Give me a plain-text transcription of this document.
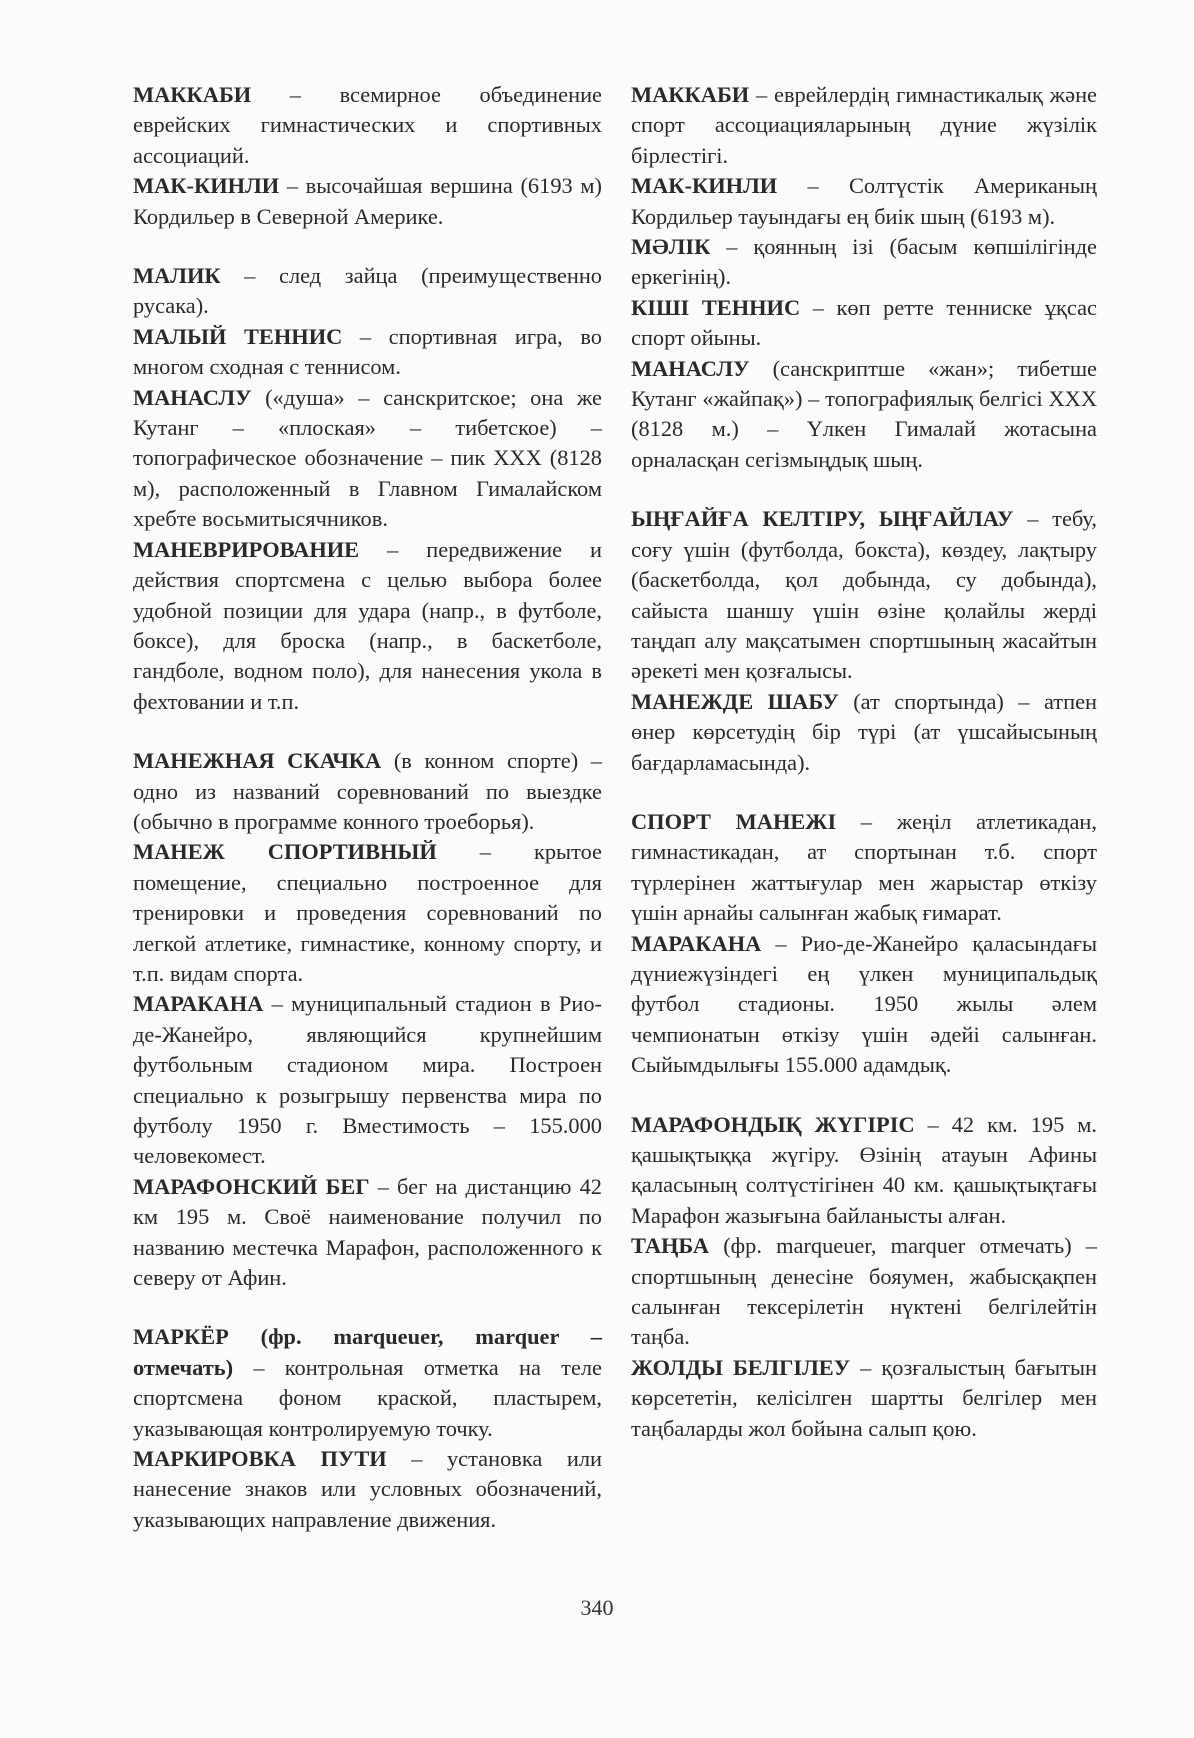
МАККАБИ – всемирное объединение еврейских гимнастических и спортивных ассоциаций.

МАК-КИНЛИ – высочайшая вершина (6193 м) Кордильер в Северной Америке.

МАЛИК – след зайца (преимущественно русака).

МАЛЫЙ ТЕННИС – спортивная игра, во многом сходная с теннисом.

МАНАСЛУ («душа» – санскритское; она же Кутанг – «плоская» – тибетское) – топографическое обозначение – пик XXX (8128 м), расположенный в Главном Гималайском хребте восьмитысячников.

МАНЕВРИРОВАНИЕ – передвижение и действия спортсмена с целью выбора более удобной позиции для удара (напр., в футболе, боксе), для броска (напр., в баскетболе, гандболе, водном поло), для нанесения укола в фехтовании и т.п.

МАНЕЖНАЯ СКАЧКА (в конном спорте) – одно из названий соревнований по выездке (обычно в программе конного троеборья).

МАНЕЖ СПОРТИВНЫЙ – крытое помещение, специально построенное для тренировки и проведения соревнований по легкой атлетике, гимнастике, конному спорту, и т.п. видам спорта.

МАРАКАНА – муниципальный стадион в Рио-де-Жанейро, являющийся крупнейшим футбольным стадионом мира. Построен специально к розыгрышу первенства мира по футболу 1950 г. Вместимость – 155.000 человекомест.

МАРАФОНСКИЙ БЕГ – бег на дистанцию 42 км 195 м. Своё наименование получил по названию местечка Марафон, расположенного к северу от Афин.

МАРКЁР (фр. marqueuer, marquer – отмечать) – контрольная отметка на теле спортсмена фоном краской, пластырем, указывающая контролируемую точку.

МАРКИРОВКА ПУТИ – установка или нанесение знаков или условных обозначений, указывающих направление движения.

МАККАБИ – еврейлердің гимнастикалық және спорт ассоциацияларының дүние жүзілік бірлестігі.

МАК-КИНЛИ – Солтүстік Американың Кордильер тауындағы ең биік шың (6193 м).

МӘЛІК – қоянның ізі (басым көпшілігінде еркегінің).

КІШІ ТЕННИС – көп ретте тенниске ұқсас спорт ойыны.

МАНАСЛУ (санскриптше «жан»; тибетше Кутанг «жайпақ») – топографиялық белгісі XXX (8128 м.) – Үлкен Гималай жотасына орналасқан сегізмыңдық шың.

ЫҢҒАЙҒА КЕЛТІРУ, ЫҢҒАЙЛАУ – тебу, соғу үшін (футболда, бокста), көздеу, лақтыру (баскетболда, қол добында, су добында), сайыста шаншу үшін өзіне қолайлы жерді таңдап алу мақсатымен спортшының жасайтын әрекеті мен қозғалысы.

МАНЕЖДЕ ШАБУ (ат спортында) – атпен өнер көрсетудің бір түрі (ат үшсайысының бағдарламасында).

СПОРТ МАНЕЖІ – жеңіл атлетикадан, гимнастикадан, ат спортынан т.б. спорт түрлерінен жаттығулар мен жарыстар өткізу үшін арнайы салынған жабық ғимарат.

МАРАКАНА – Рио-де-Жанейро қаласындағы дүниежүзіндегі ең үлкен муниципальдық футбол стадионы. 1950 жылы әлем чемпионатын өткізу үшін әдейі салынған. Сыйымдылығы 155.000 адамдық.

МАРАФОНДЫҚ ЖҮГІРІС – 42 км. 195 м. қашықтыққа жүгіру. Өзінің атауын Афины қаласының солтүстігінен 40 км. қашықтықтағы Марафон жазығына байланысты алған.

ТАҢБА (фр. marqueuer, marquer отмечать) – спортшының денесіне бояумен, жабысқақпен салынған тексерілетін нүктені белгілейтін таңба.

ЖОЛДЫ БЕЛГІЛЕУ – қозғалыстың бағытын көрсететін, келісілген шартты белгілер мен таңбаларды жол бойына салып қою.

340
